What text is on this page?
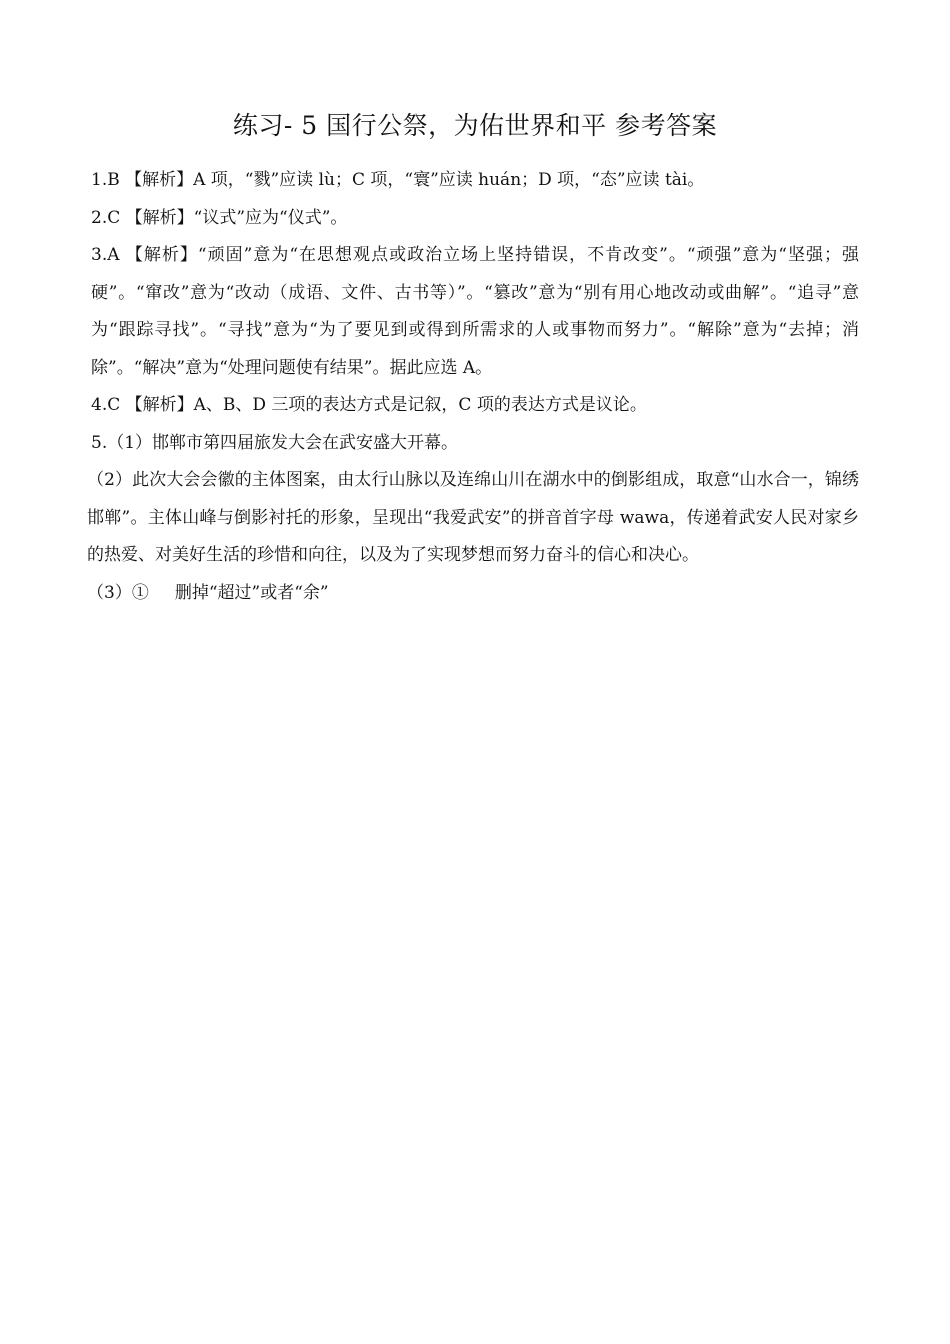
练习- 5 国行公祭，为佑世界和平 参考答案

1.B 【解析】A 项，“戮”应读 lù；C 项，“寰”应读 huán；D 项，“态”应读 tài。

2.C 【解析】“议式”应为“仪式”。

3.A 【解析】“顽固”意为“在思想观点或政治立场上坚持错误，不肯改变”。“顽强”意为“坚强；强硬”。“窜改”意为“改动（成语、文件、古书等）”。“篡改”意为“别有用心地改动或曲解”。“追寻”意为“跟踪寻找”。“寻找”意为“为了要见到或得到所需求的人或事物而努力”。“解除”意为“去掉；消除”。“解决”意为“处理问题使有结果”。据此应选 A。

4.C 【解析】A、B、D 三项的表达方式是记叙，C 项的表达方式是议论。

5.（1）邯郸市第四届旅发大会在武安盛大开幕。

（2）此次大会会徽的主体图案，由太行山脉以及连绵山川在湖水中的倒影组成，取意“山水合一，锦绣邯郸”。主体山峰与倒影衬托的形象，呈现出“我爱武安”的拼音首字母 wawa，传递着武安人民对家乡的热爱、对美好生活的珍惜和向往，以及为了实现梦想而努力奋斗的信心和决心。

（3）① 删掉“超过”或者“余”
